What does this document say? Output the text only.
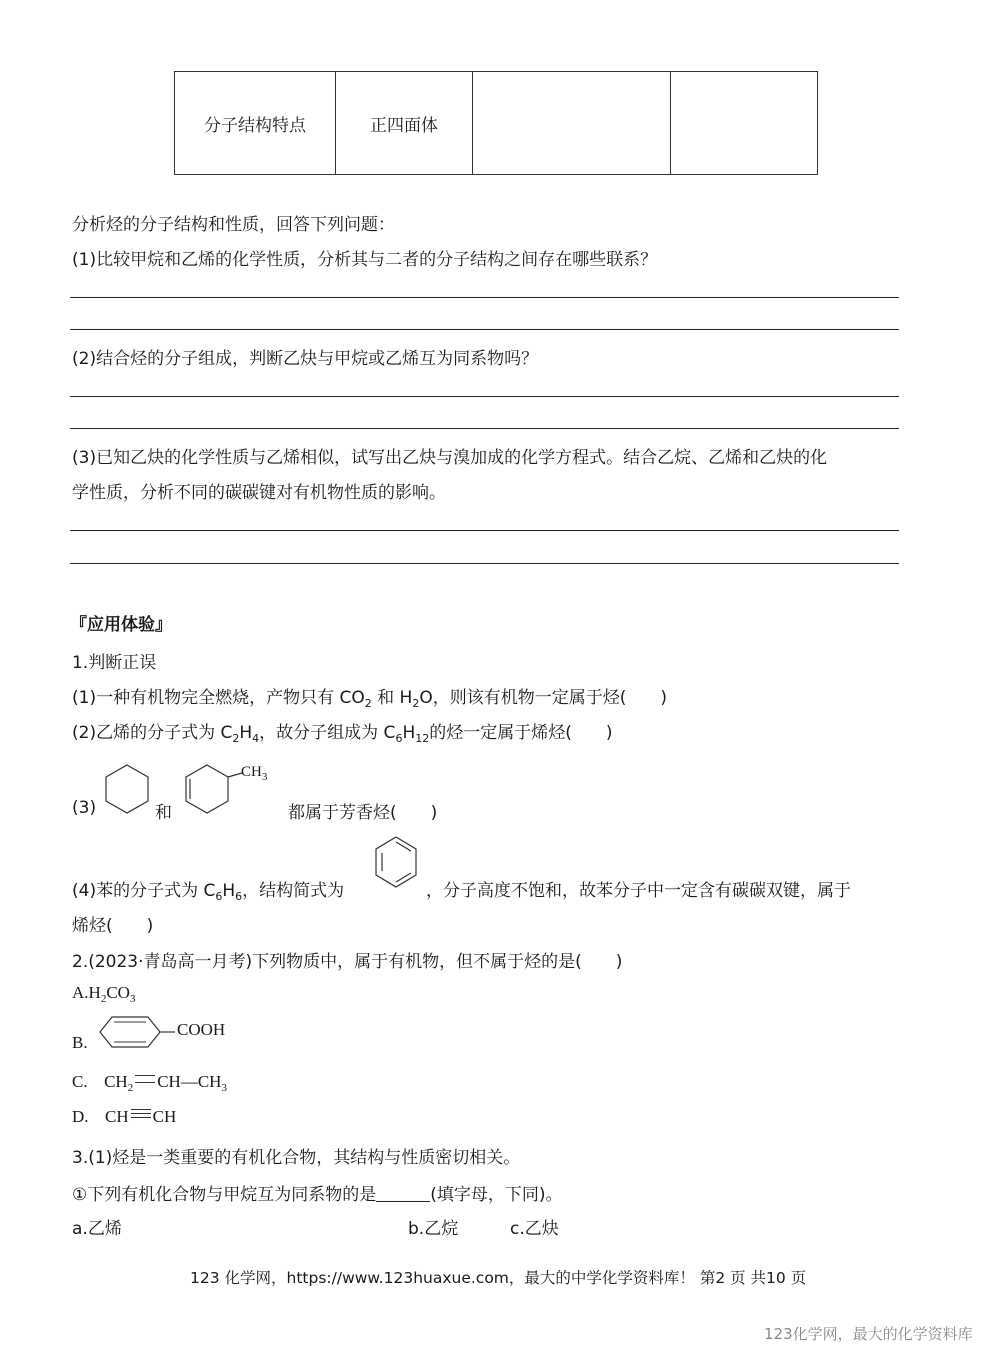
分子结构特点	正四面体		
分析烃的分子结构和性质，回答下列问题：
(1)比较甲烷和乙烯的化学性质，分析其与二者的分子结构之间存在哪些联系？
(2)结合烃的分子组成，判断乙炔与甲烷或乙烯互为同系物吗？
(3)已知乙炔的化学性质与乙烯相似，试写出乙炔与溴加成的化学方程式。结合乙烷、乙烯和乙炔的化
学性质，分析不同的碳碳键对有机物性质的影响。
『应用体验』
1.判断正误
(1)一种有机物完全燃烧，产物只有 $CO_2$ 和 $H_2O$，则该有机物一定属于烃( )
(2)乙烯的分子式为 $C_2H_4$，故分子组成为 $C_6H_{12}$的烃一定属于烯烃( )
(3)	和
$CH_3$
都属于芳香烃( )
(4)苯的分子式为 $C_6H_6$，结构简式为	，分子高度不饱和，故苯分子中一定含有碳碳双键，属于
烯烃( )
2.(2023·青岛高一月考)下列物质中，属于有机物，但不属于烃的是( )
$A.H_2CO_3$
B.
COOH
C. $CH_2$ $CH—CH_3$
D. CH CH
3.(1)烃是一类重要的有机化合物，其结构与性质密切相关。
①下列有机化合物与甲烷互为同系物的是	(填字母，下同)。
a.乙烯	b.乙烷	c.乙炔
123 化学网，https://www.123huaxue.com，最大的中学化学资料库！ 第2 页 共10 页
123化学网，最大的化学资料库
